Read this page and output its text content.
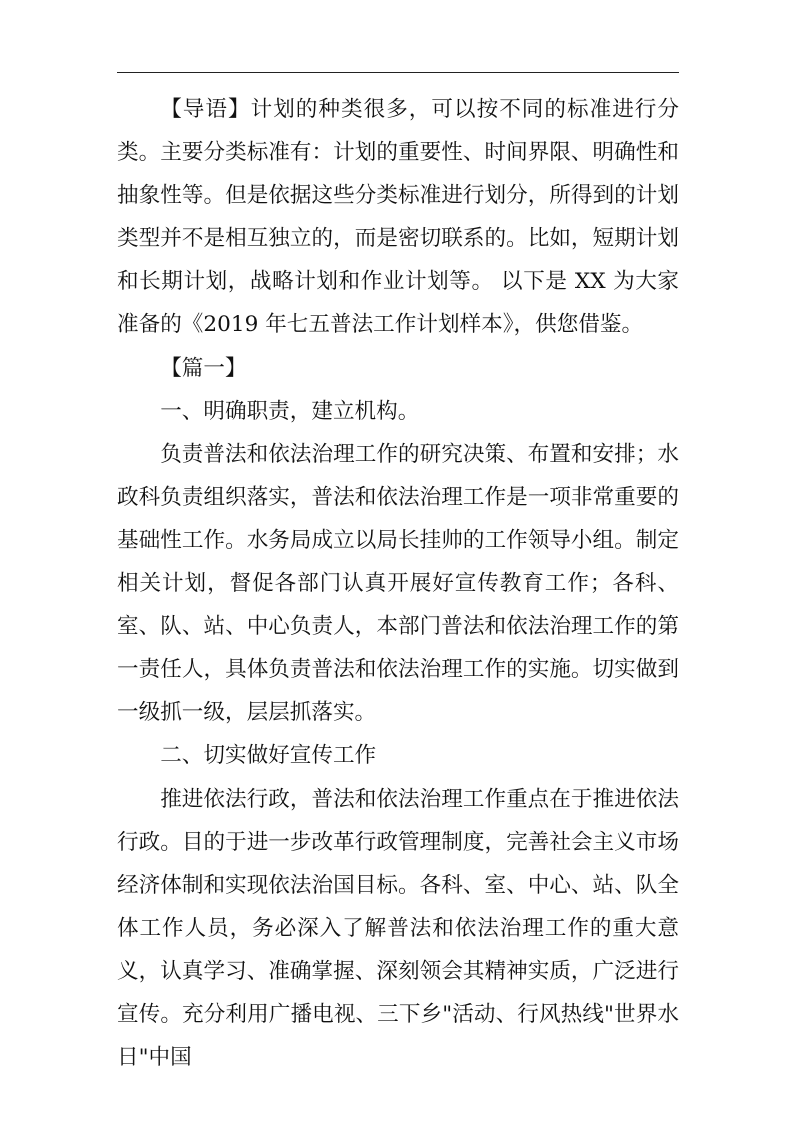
【导语】计划的种类很多，可以按不同的标准进行分类。主要分类标准有：计划的重要性、时间界限、明确性和抽象性等。但是依据这些分类标准进行划分，所得到的计划类型并不是相互独立的，而是密切联系的。比如，短期计划和长期计划，战略计划和作业计划等。 以下是 XX 为大家准备的《2019 年七五普法工作计划样本》，供您借鉴。

【篇一】

一、明确职责，建立机构。

负责普法和依法治理工作的研究决策、布置和安排；水政科负责组织落实，普法和依法治理工作是一项非常重要的基础性工作。水务局成立以局长挂帅的工作领导小组。制定相关计划，督促各部门认真开展好宣传教育工作；各科、室、队、站、中心负责人，本部门普法和依法治理工作的第一责任人，具体负责普法和依法治理工作的实施。切实做到一级抓一级，层层抓落实。

二、切实做好宣传工作

推进依法行政，普法和依法治理工作重点在于推进依法行政。目的于进一步改革行政管理制度，完善社会主义市场经济体制和实现依法治国目标。各科、室、中心、站、队全体工作人员，务必深入了解普法和依法治理工作的重大意义，认真学习、准确掌握、深刻领会其精神实质，广泛进行宣传。充分利用广播电视、三下乡"活动、行风热线"世界水日"中国
